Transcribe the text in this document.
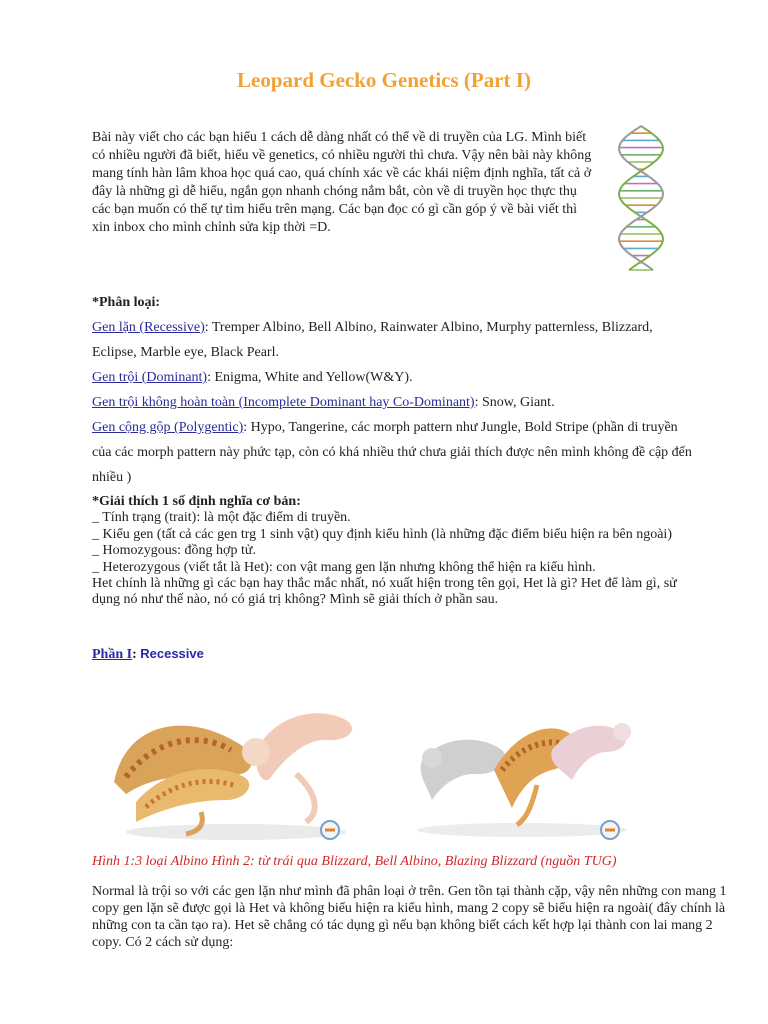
Leopard Gecko Genetics (Part I)
Bài này viết cho các bạn hiểu 1 cách dễ dàng nhất có thể về di truyền của LG. Mình biết có nhiều người đã biết, hiểu về genetics, có nhiều người thì chưa. Vậy nên bài này không mang tính hàn lâm khoa học quá cao, quá chính xác về các khái niệm định nghĩa, tất cả ở đây là những gì dễ hiểu, ngắn gọn nhanh chóng nắm bắt, còn về di truyền học thực thụ các bạn muốn có thể tự tìm hiểu trên mạng. Các bạn đọc có gì cần góp ý về bài viết thì xin inbox cho mình chỉnh sửa kịp thời =D.
*Phân loại:
Gen lặn (Recessive): Tremper Albino, Bell Albino, Rainwater Albino, Murphy patternless, Blizzard, Eclipse, Marble eye, Black Pearl.
Gen trội (Dominant): Enigma, White and Yellow(W&Y).
Gen trội không hoàn toàn (Incomplete Dominant hay Co-Dominant): Snow, Giant.
Gen cộng gộp (Polygentic): Hypo, Tangerine, các morph pattern như Jungle, Bold Stripe (phần di truyền của các morph pattern này phức tạp, còn có khá nhiều thứ chưa giải thích được nên mình không đề cập đến nhiều )
*Giải thích 1 số định nghĩa cơ bản:
_ Tính trạng (trait): là một đặc điểm di truyền.
_ Kiểu gen (tất cả các gen trg 1 sinh vật) quy định kiểu hình (là những đặc điểm biểu hiện ra bên ngoài)
_ Homozygous: đồng hợp tử.
_ Heterozygous (viết tắt là Het): con vật mang gen lặn nhưng không thể hiện ra kiểu hình.
Het chính là những gì các bạn hay thắc mắc nhất, nó xuất hiện trong tên gọi, Het là gì? Het để làm gì, sử dụng nó như thế nào, nó có giá trị không? Mình sẽ giải thích ở phần sau.
Phần I: Recessive
Hình 1:3 loại Albino Hình 2: từ trái qua Blizzard, Bell Albino, Blazing Blizzard (nguồn TUG)
Normal là trội so với các gen lặn như mình đã phân loại ở trên. Gen tồn tại thành cặp, vậy nên những con mang 1 copy gen lặn sẽ được gọi là Het và không biểu hiện ra kiểu hình, mang 2 copy sẽ biểu hiện ra ngoài( đây chính là những con ta cần tạo ra). Het sẽ chẳng có tác dụng gì nếu bạn không biết cách kết hợp lại thành con lai mang 2 copy. Có 2 cách sử dụng:
